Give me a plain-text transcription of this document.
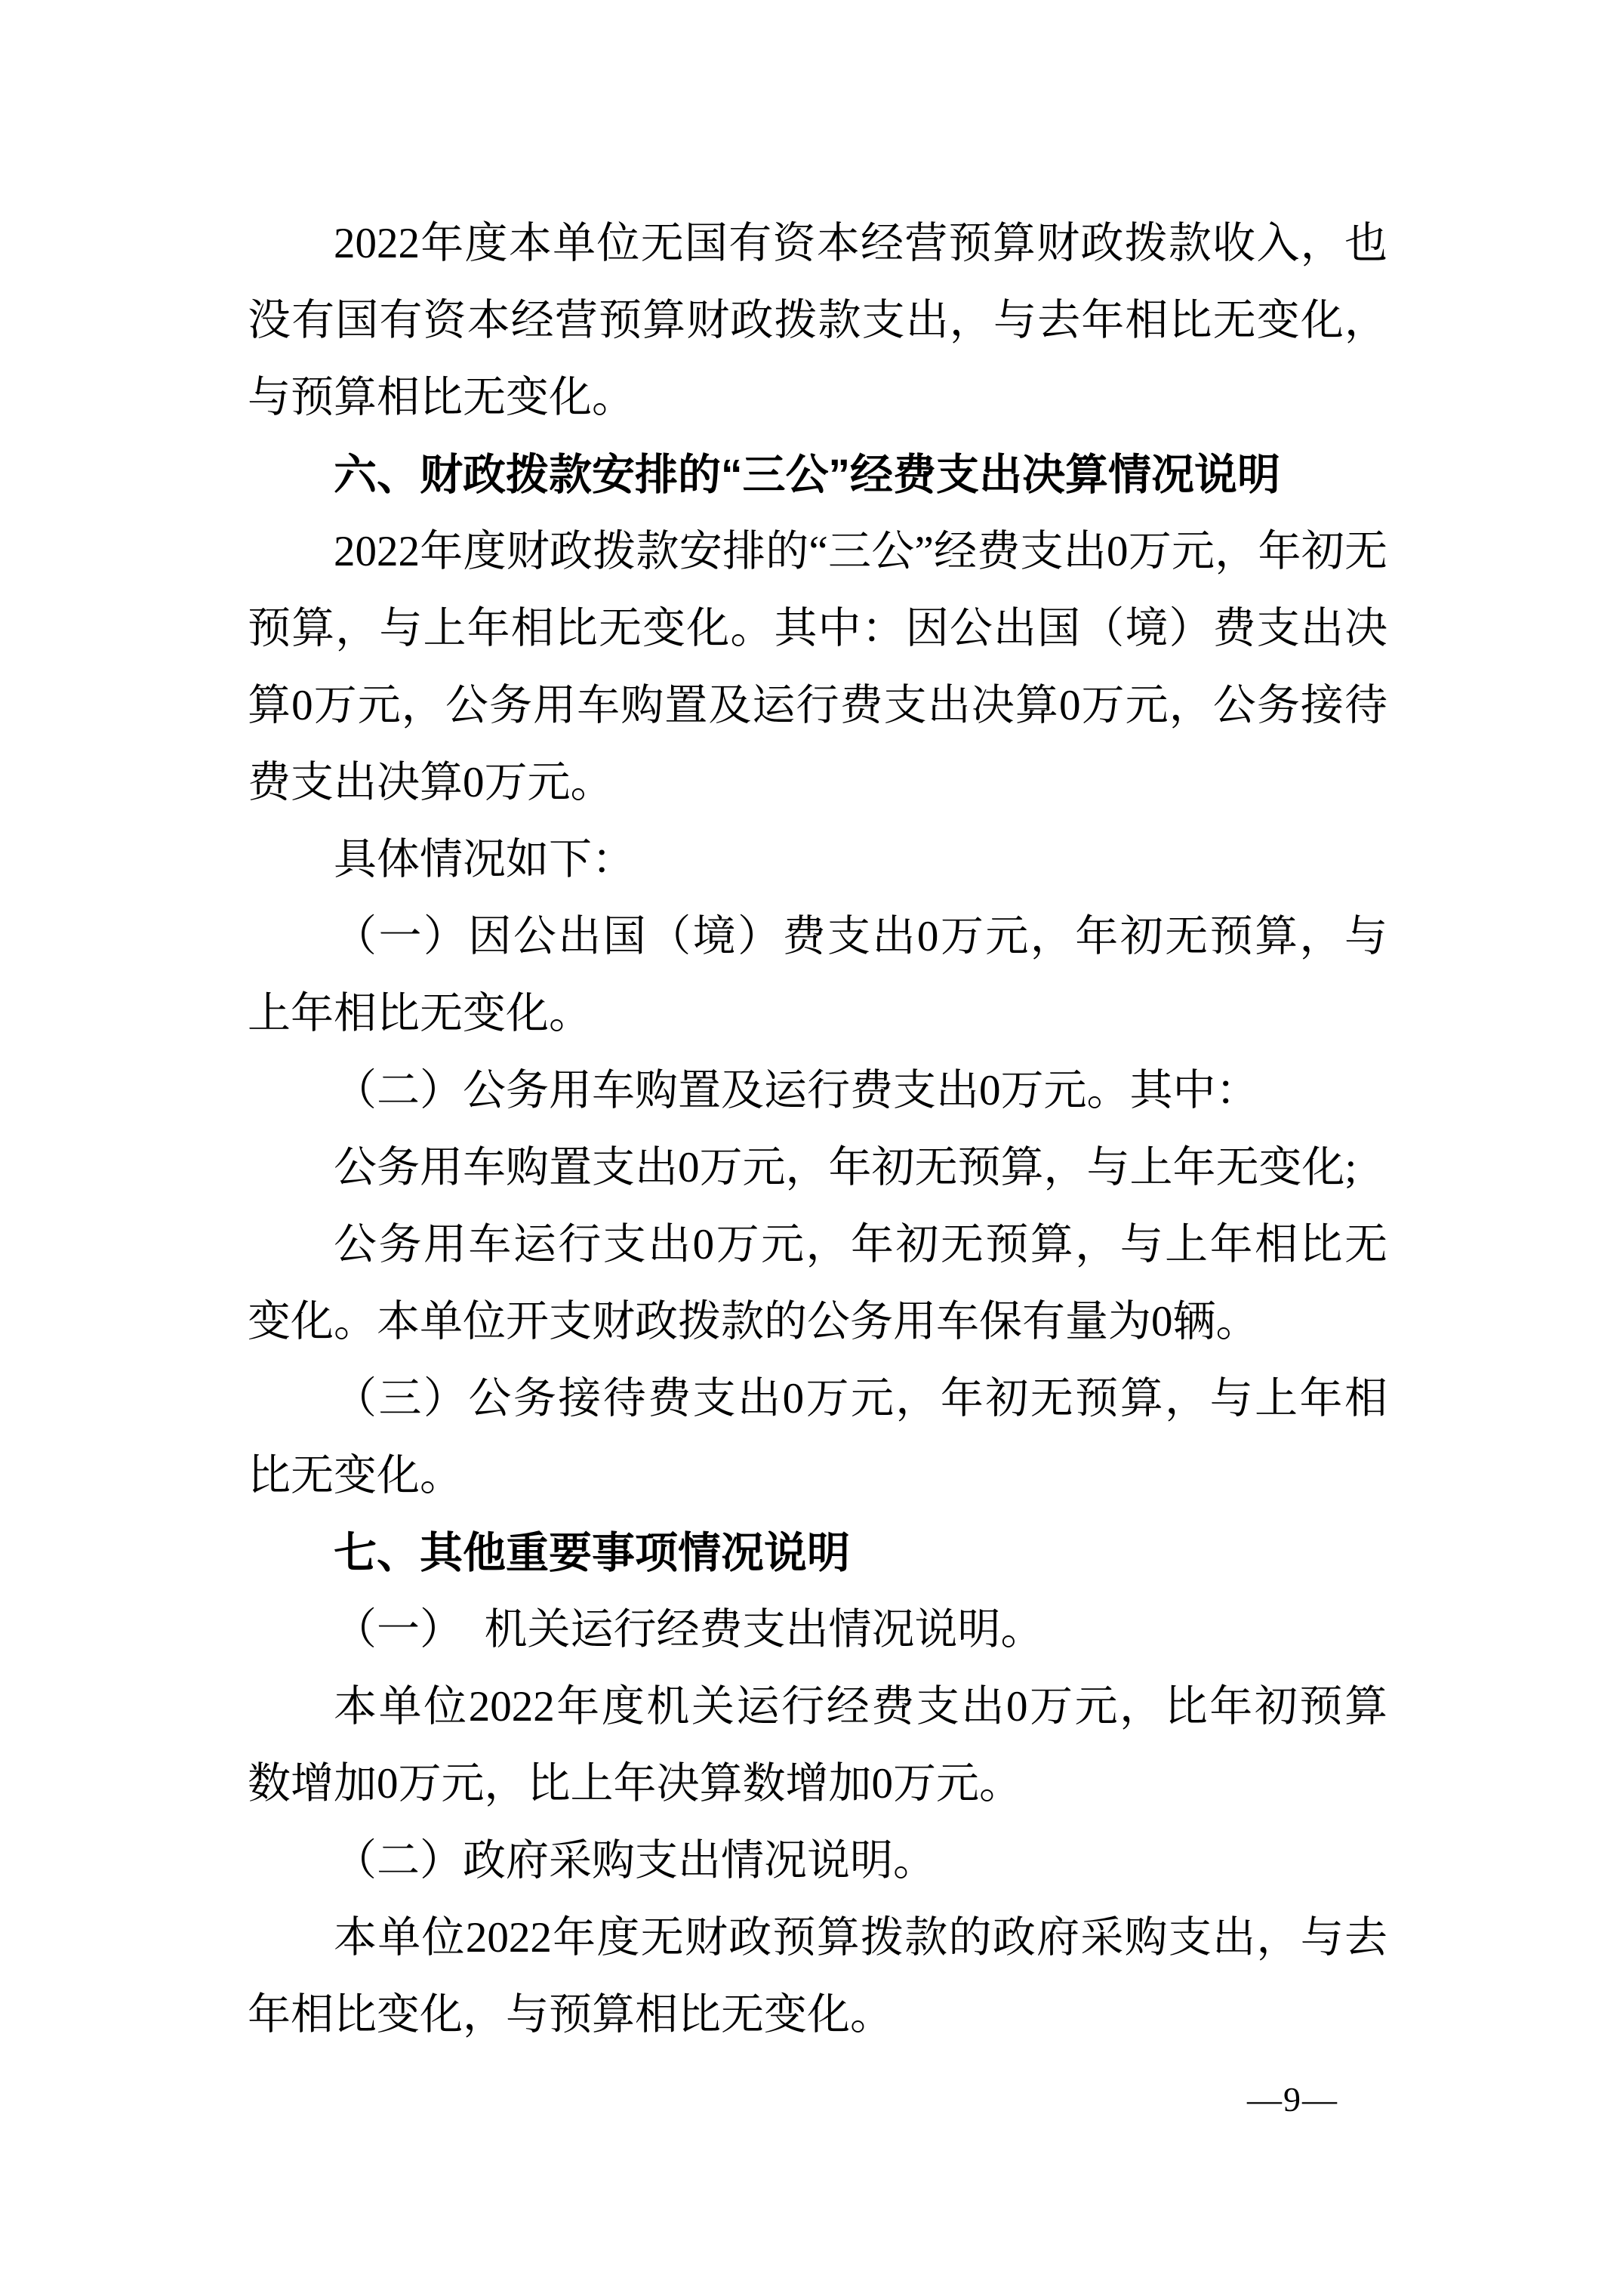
2022年度本单位无国有资本经营预算财政拨款收入，也没有国有资本经营预算财政拨款支出，与去年相比无变化，与预算相比无变化。

六、财政拨款安排的“三公”经费支出决算情况说明

2022年度财政拨款安排的“三公”经费支出0万元，年初无预算，与上年相比无变化。其中：因公出国（境）费支出决算0万元，公务用车购置及运行费支出决算0万元，公务接待费支出决算0万元。

具体情况如下：

（一）因公出国（境）费支出0万元，年初无预算，与上年相比无变化。

（二）公务用车购置及运行费支出0万元。其中：

公务用车购置支出0万元，年初无预算，与上年无变化;

公务用车运行支出0万元，年初无预算，与上年相比无变化。本单位开支财政拨款的公务用车保有量为0辆。

（三）公务接待费支出0万元，年初无预算，与上年相比无变化。

七、其他重要事项情况说明

（一）　机关运行经费支出情况说明。

本单位2022年度机关运行经费支出0万元，比年初预算数增加0万元，比上年决算数增加0万元。

（二）政府采购支出情况说明。

本单位2022年度无财政预算拨款的政府采购支出，与去年相比变化，与预算相比无变化。

—9—
